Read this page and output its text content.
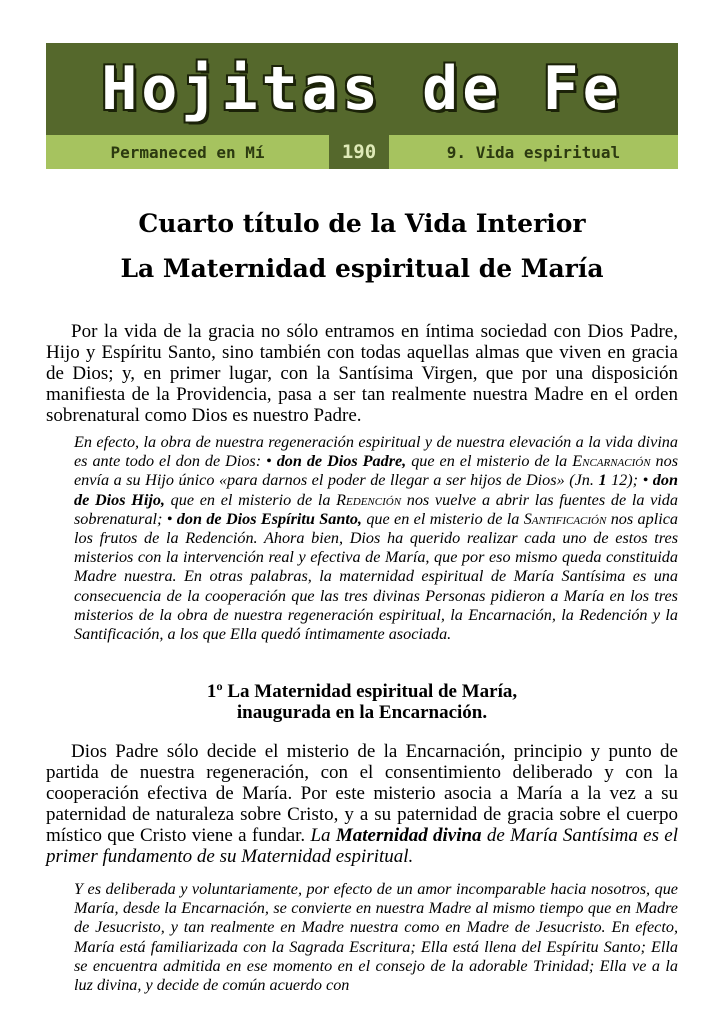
Hojitas de Fe
Permaneced en Mí	190	9. Vida espiritual
Cuarto título de la Vida Interior
La Maternidad espiritual de María
Por la vida de la gracia no sólo entramos en íntima sociedad con Dios Padre, Hijo y Espíritu Santo, sino también con todas aquellas almas que viven en gracia de Dios; y, en primer lugar, con la Santísima Virgen, que por una disposición manifiesta de la Providencia, pasa a ser tan realmente nuestra Madre en el orden sobrenatural como Dios es nuestro Padre.
En efecto, la obra de nuestra regeneración espiritual y de nuestra elevación a la vida divina es ante todo el don de Dios: • don de Dios Padre, que en el misterio de la Encarnación nos envía a su Hijo único «para darnos el poder de llegar a ser hijos de Dios» (Jn. 1 12); • don de Dios Hijo, que en el misterio de la Redención nos vuelve a abrir las fuentes de la vida sobrenatural; • don de Dios Espíritu Santo, que en el misterio de la Santificación nos aplica los frutos de la Redención. Ahora bien, Dios ha querido realizar cada uno de estos tres misterios con la intervención real y efectiva de María, que por eso mismo queda constituida Madre nuestra. En otras palabras, la maternidad espiritual de María Santísima es una consecuencia de la cooperación que las tres divinas Personas pidieron a María en los tres misterios de la obra de nuestra regeneración espiritual, la Encarnación, la Redención y la Santificación, a los que Ella quedó íntimamente asociada.
1º La Maternidad espiritual de María,
inaugurada en la Encarnación.
Dios Padre sólo decide el misterio de la Encarnación, principio y punto de partida de nuestra regeneración, con el consentimiento deliberado y con la cooperación efectiva de María. Por este misterio asocia a María a la vez a su paternidad de naturaleza sobre Cristo, y a su paternidad de gracia sobre el cuerpo místico que Cristo viene a fundar. La Maternidad divina de María Santísima es el primer fundamento de su Maternidad espiritual.
Y es deliberada y voluntariamente, por efecto de un amor incomparable hacia nosotros, que María, desde la Encarnación, se convierte en nuestra Madre al mismo tiempo que en Madre de Jesucristo, y tan realmente en Madre nuestra como en Madre de Jesucristo. En efecto, María está familiarizada con la Sagrada Escritura; Ella está llena del Espíritu Santo; Ella se encuentra admitida en ese momento en el consejo de la adorable Trinidad; Ella ve a la luz divina, y decide de común acuerdo con
